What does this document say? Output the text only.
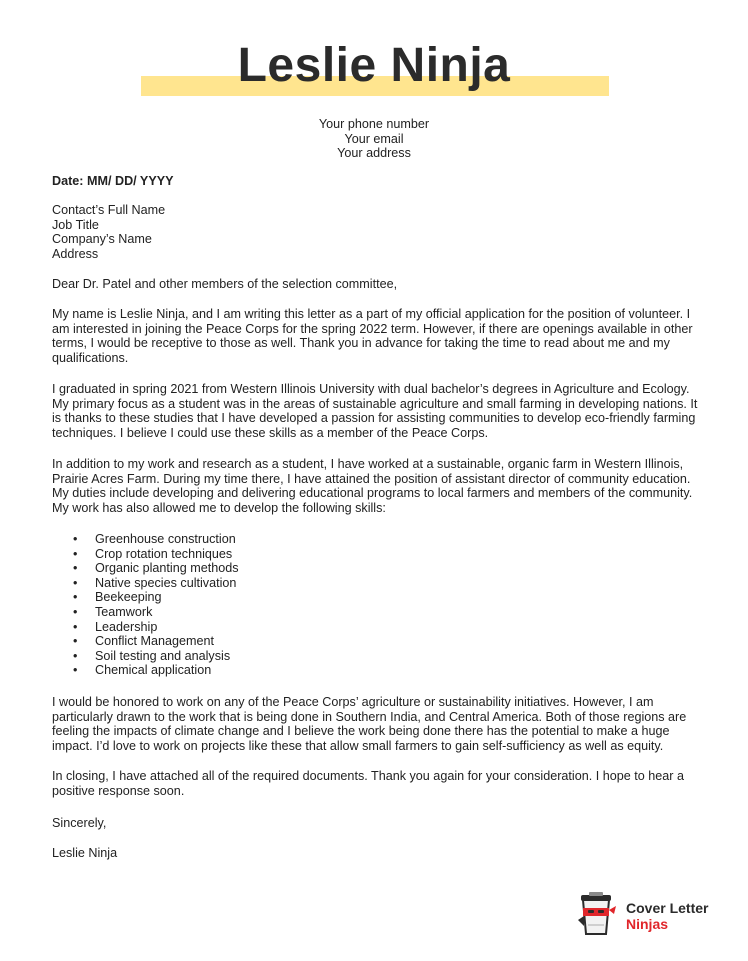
Leslie Ninja
Your phone number
Your email
Your address
Date: MM/ DD/ YYYY
Contact’s Full Name
Job Title
Company’s Name
Address
Dear Dr. Patel and other members of the selection committee,

My name is Leslie Ninja, and I am writing this letter as a part of my official application for the position of volunteer. I am interested in joining the Peace Corps for the spring 2022 term. However, if there are openings available in other terms, I would be receptive to those as well. Thank you in advance for taking the time to read about me and my qualifications.

I graduated in spring 2021 from Western Illinois University with dual bachelor’s degrees in Agriculture and Ecology. My primary focus as a student was in the areas of sustainable agriculture and small farming in developing nations. It is thanks to these studies that I have developed a passion for assisting communities to develop eco-friendly farming techniques. I believe I could use these skills as a member of the Peace Corps.

In addition to my work and research as a student, I have worked at a sustainable, organic farm in Western Illinois, Prairie Acres Farm. During my time there, I have attained the position of assistant director of community education. My duties include developing and delivering educational programs to local farmers and members of the community. My work has also allowed me to develop the following skills:

• Greenhouse construction
• Crop rotation techniques
• Organic planting methods
• Native species cultivation
• Beekeeping
• Teamwork
• Leadership
• Conflict Management
• Soil testing and analysis
• Chemical application

I would be honored to work on any of the Peace Corps’ agriculture or sustainability initiatives. However, I am particularly drawn to the work that is being done in Southern India, and Central America. Both of those regions are feeling the impacts of climate change and I believe the work being done there has the potential to make a huge impact. I’d love to work on projects like these that allow small farmers to gain self-sufficiency as well as equity.

In closing, I have attached all of the required documents. Thank you again for your consideration. I hope to hear a positive response soon.

Sincerely,
Leslie Ninja
Cover Letter
Ninjas
